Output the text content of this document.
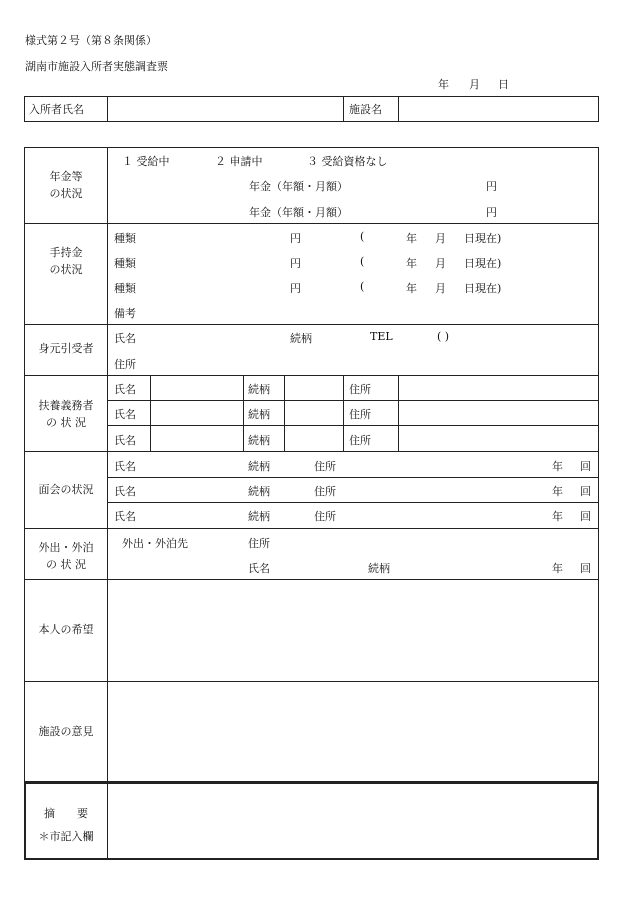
様式第２号（第８条関係）
湖南市施設入所者実態調査票
年 月 日
入所者氏名	施設名
年金等
の状況
１ 受給中	２ 申請中	３ 受給資格なし
年金（年額・月額）	円
年金（年額・月額）	円
手持金
の状況
種類	円	(	年 月 日現在)
種類	円	(	年 月 日現在)
種類	円	(	年 月 日現在)
備考
身元引受者
氏名	続柄	TEL	( )
住所
扶養義務者
の 状 況
氏名	続柄	住所
氏名	続柄	住所
氏名	続柄	住所
面会の状況
氏名	続柄	住所	年 回
氏名	続柄	住所	年 回
氏名	続柄	住所	年 回
外出・外泊
の 状 況
外出・外泊先	住所
氏名	続柄	年 回
本人の希望
施設の意見
摘　　要
＊市記入欄
